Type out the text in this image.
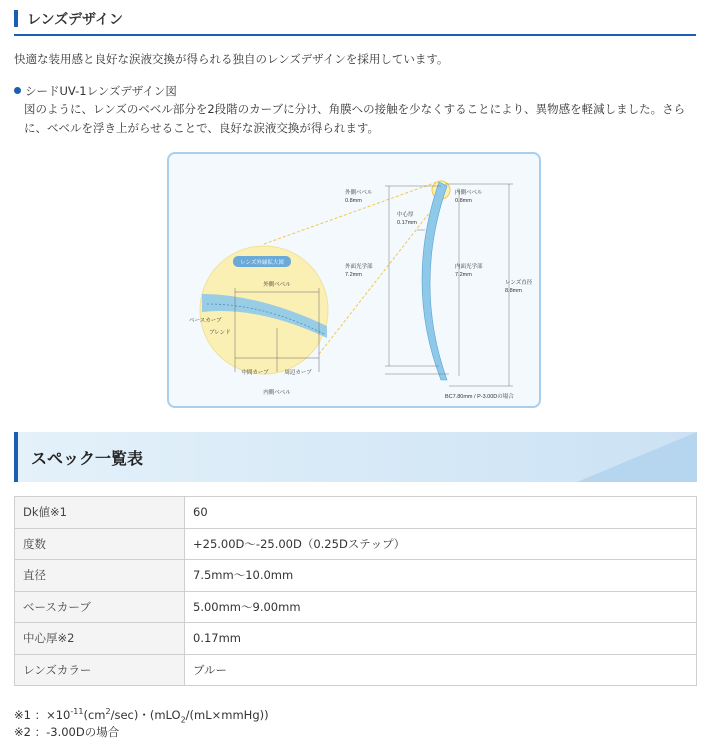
レンズデザイン
快適な装用感と良好な涙液交換が得られる独自のレンズデザインを採用しています。
シードUV-1レンズデザイン図
図のように、レンズのベベル部分を2段階のカーブに分け、角膜への接触を少なくすることにより、異物感を軽減しました。さらに、ベベルを浮き上がらせることで、良好な涙液交換が得られます。
レンズ外縁拡大図
外側ベベル
ベースカーブ
ブレンド
中間カーブ	周辺カーブ
内側ベベル
外側ベベル
0.8mm
内側ベベル
0.8mm
中心厚
0.17mm
外面光学部
7.2mm
内面光学部
7.2mm
レンズ直径
8.8mm
BC7.80mm / P-3.00Dの場合
スペック一覧表
Dk値※1	60
度数	+25.00D〜-25.00D（0.25Dステップ）
直径	7.5mm〜10.0mm
ベースカーブ	5.00mm〜9.00mm
中心厚※2	0.17mm
レンズカラー	ブルー
※1 ：$\times 10^{-11}(cm^2/\sec)$・(mLO$_2$/(mL×mmHg))
※2 ：-3.00Dの場合
